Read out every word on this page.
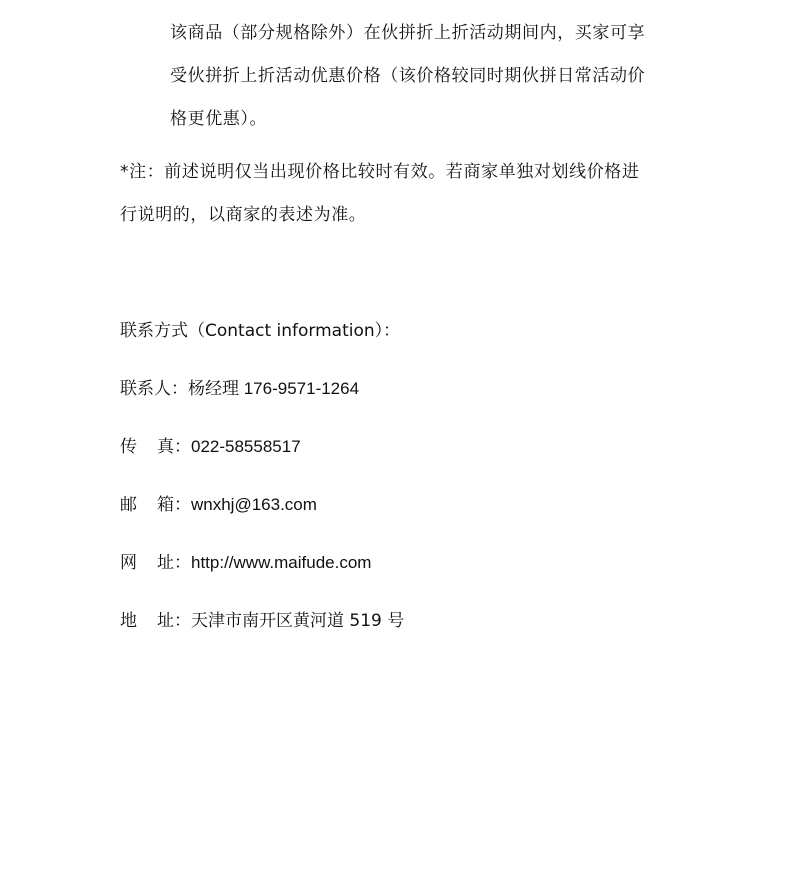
该商品（部分规格除外）在伙拼折上折活动期间内，买家可享
受伙拼折上折活动优惠价格（该价格较同时期伙拼日常活动价
格更优惠）。
*注：前述说明仅当出现价格比较时有效。若商家单独对划线价格进
行说明的，以商家的表述为准。
联系方式（Contact information）：
联系人：杨经理 176-9571-1264
传真：022-58558517
邮箱：wnxhj@163.com
网址：http://www.maifude.com
地址：天津市南开区黄河道 519 号
